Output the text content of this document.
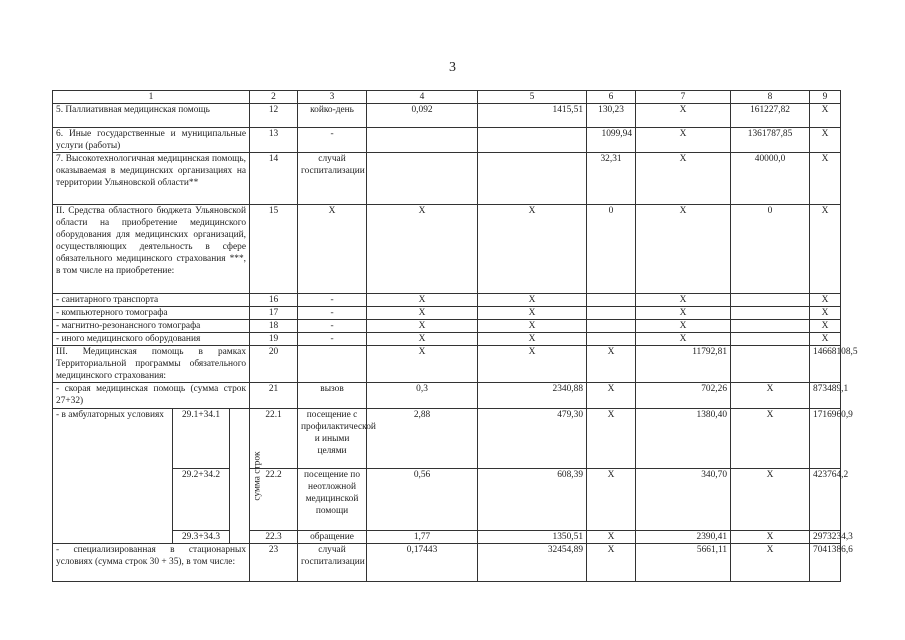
3
1			2	3	4	5	6	7	8	9	
5. Паллиативная медицинская помощь			12	койко-день	0,092	1415,51	130,23	X	161227,82	X	
6. Иные государственные и муниципальные услуги (работы)			13	-			1099,94	X	1361787,85	X	
7. Высокотехнологичная медицинская помощь, оказываемая в медицинских организациях на территории Ульяновской области**			14	случай госпитализации			32,31	X	40000,0	X	
II. Средства областного бюджета Ульяновской области на приобретение медицинского оборудования для медицинских организаций, осуществляющих деятельность в сфере обязательного медицинского страхования ***, в том числе на приобретение:			15	X	X	X	0	X	0	X	
- санитарного транспорта			16	-	X	X		X		X	
- компьютерного томографа			17	-	X	X		X		X	
- магнитно-резонансного томографа			18	-	X	X		X		X	
- иного медицинского оборудования			19	-	X	X		X		X	
III. Медицинская помощь в рамках Территориальной программы обязательного медицинского страхования:			20		X	X	X	11792,81		14668108,5	
- скорая медицинская помощь (сумма строк 27+32)			21	вызов	0,3	2340,88	X	702,26	X	873489,1	
- в амбулаторных условиях	29.1+34.1	сумма строк	22.1	посещение с профилактической и иными целями	2,88	479,30	X	1380,40	X	1716960,9	
	29.2+34.2		22.2	посещение по неотложной медицинской помощи	0,56	608,39	X	340,70	X	423764,2	
	29.3+34.3		22.3	обращение	1,77	1350,51	X	2390,41	X	2973234,3	
- специализированная в стационарных условиях (сумма строк 30 + 35), в том числе:			23	случай госпитализации	0,17443	32454,89	X	5661,11	X	7041386,6	
